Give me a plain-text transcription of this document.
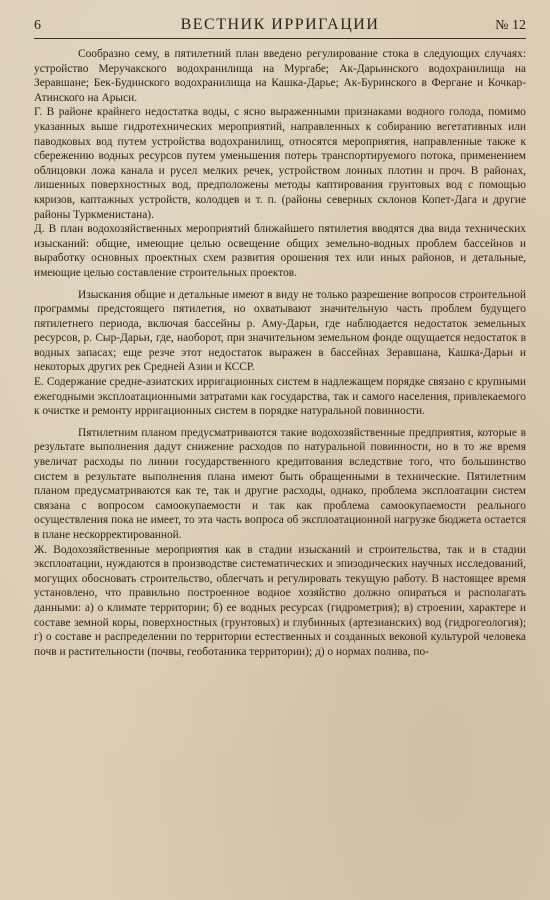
6	ВЕСТНИК ИРРИГАЦИИ	№ 12

Сообразно сему, в пятилетний план введено регулирование стока в следующих случаях: устройство Меручакского водохранилища на Мургабе; Ак-Дарьинского водохранилища на Зеравшане; Бек-Будинского водохранилища на Кашка-Дарье; Ак-Буринского в Фергане и Кочкар-Атинского на Арыси.

Г. В районе крайнего недостатка воды, с ясно выраженными признаками водного голода, помимо указанных выше гидротехнических мероприятий, направленных к собиранию вегетативных или паводковых вод путем устройства водохранилищ, относятся мероприятия, направленные также к сбережению водных ресурсов путем уменьшения потерь транспортируемого потока, применением облицовки ложа канала и русел мелких речек, устройством лонных плотин и проч. В районах, лишенных поверхностных вод, предположены методы каптирования грунтовых вод с помощью кяризов, каптажных устройств, колодцев и т. п. (районы северных склонов Копет-Дага и другие районы Туркменистана).

Д. В план водохозяйственных мероприятий ближайшего пятилетия вводятся два вида технических изысканий: общие, имеющие целью освещение общих земельно-водных проблем бассейнов и выработку основных проектных схем развития орошения тех или иных районов, и детальные, имеющие целью составление строительных проектов.

Изыскания общие и детальные имеют в виду не только разрешение вопросов строительной программы предстоящего пятилетия, но охватывают значительную часть проблем будущего пятилетнего периода, включая бассейны р. Аму-Дарьи, где наблюдается недостаток земельных ресурсов, р. Сыр-Дарьи, где, наоборот, при значительном земельном фонде ощущается недостаток в водных запасах; еще резче этот недостаток выражен в бассейнах Зеравшана, Кашка-Дарьи и некоторых других рек Средней Азии и КССР.

Е. Содержание средне-азиатских ирригационных систем в надлежащем порядке связано с крупными ежегодными эксплоатационными затратами как государства, так и самого населения, привлекаемого к очистке и ремонту ирригационных систем в порядке натуральной повинности.

Пятилетним планом предусматриваются такие водохозяйственные предприятия, которые в результате выполнения дадут снижение расходов по натуральной повинности, но в то же время увеличат расходы по линии государственного кредитования вследствие того, что большинство систем в результате выполнения плана имеют быть обращенными в технические. Пятилетним планом предусматриваются как те, так и другие расходы, однако, проблема эксплоатации систем связана с вопросом самоокупаемости и так как проблема самоокупаемости реального осуществления пока не имеет, то эта часть вопроса об эксплоатационной нагрузке бюджета остается в плане нескорректированной.

Ж. Водохозяйственные мероприятия как в стадии изысканий и строительства, так и в стадии эксплоатации, нуждаются в производстве систематических и эпизодических научных исследований, могущих обосновать строительство, облегчать и регулировать текущую работу. В настоящее время установлено, что правильно построенное водное хозяйство должно опираться и располагать данными: а) о климате территории; б) ее водных ресурсах (гидрометрия); в) строении, характере и составе земной коры, поверхностных (грунтовых) и глубинных (артезианских) вод (гидрогеология); г) о составе и распределении по территории естественных и созданных вековой культурой человека почв и растительности (почвы, геоботаника территории); д) о нормах полива, по-
